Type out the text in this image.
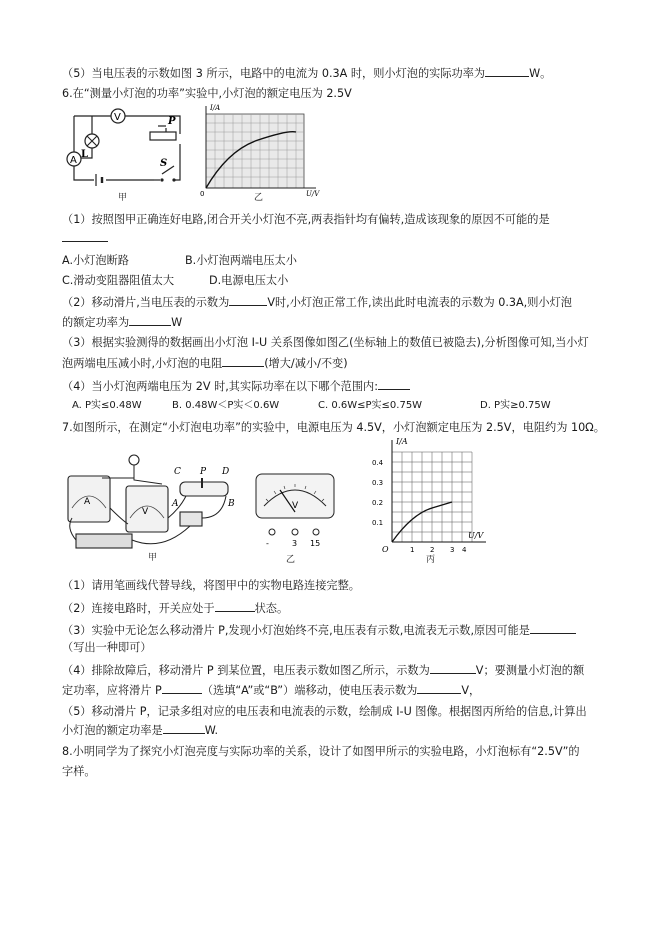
（5）当电压表的示数如图 3 所示，电路中的电流为 0.3A 时，则小灯泡的实际功率为	W。
6.在“测量小灯泡的功率”实验中,小灯泡的额定电压为 2.5V
V
A
L
P
S
甲
I/A
U/V
0	乙
（1）按照图甲正确连好电路,闭合开关小灯泡不亮,两表指针均有偏转,造成该现象的原因不可能的是
A.小灯泡断路	B.小灯泡两端电压太小
C.滑动变阻器阻值太大	D.电源电压太小
（2）移动滑片,当电压表的示数为	V时,小灯泡正常工作,读出此时电流表的示数为 0.3A,则小灯泡
的额定功率为	W
（3）根据实验测得的数据画出小灯泡 I-U 关系图像如图乙(坐标轴上的数值已被隐去),分析图像可知,当小灯
泡两端电压减小时,小灯泡的电阻	(增大/减小/不变)
（4）当小灯泡两端电压为 2V 时,其实际功率在以下哪个范围内:
A. P实≤0.48W	B. 0.48W＜P实＜0.6W	C. 0.6W≤P实≤0.75W	D. P实≥0.75W
7.如图所示，在测定“小灯泡电功率”的实验中，电源电压为 4.5V，小灯泡额定电压为 2.5V，电阻约为 10Ω。
C P D
A	B
A
V
甲
V
-	3 15
乙
I/A
U/V
O
0.4
0.3
0.2
0.1
1 2 3 4
丙
（1）请用笔画线代替导线，将图甲中的实物电路连接完整。
（2）连接电路时，开关应处于	状态。
（3）实验中无论怎么移动滑片 P,发现小灯泡始终不亮,电压表有示数,电流表无示数,原因可能是
（写出一种即可）
（4）排除故障后，移动滑片 P 到某位置，电压表示数如图乙所示，示数为	V；要测量小灯泡的额
定功率，应将滑片 P	（选填“A”或“B”）端移动，使电压表示数为	V，
（5）移动滑片 P，记录多组对应的电压表和电流表的示数，绘制成 I-U 图像。根据图丙所给的信息,计算出
小灯泡的额定功率是	W.
8.小明同学为了探究小灯泡亮度与实际功率的关系，设计了如图甲所示的实验电路，小灯泡标有“2.5V”的
字样。
